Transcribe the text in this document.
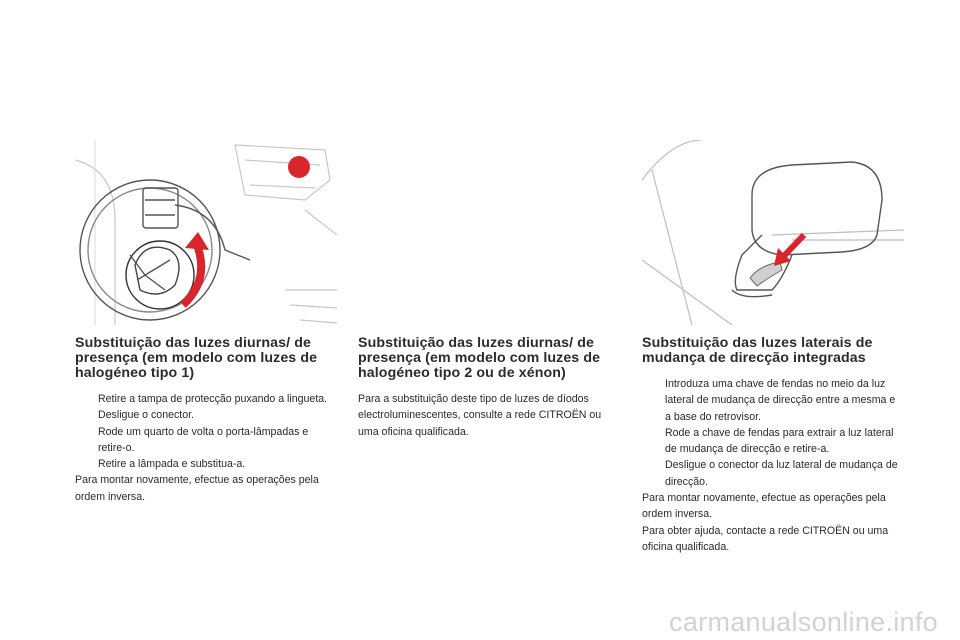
Substituição das luzes diurnas/ de presença (em modelo com luzes de halogéneo tipo 1)
Retire a tampa de protecção puxando a lingueta.
Desligue o conector.
Rode um quarto de volta o porta-lâmpadas e retire-o.
Retire a lâmpada e substitua-a.

Para montar novamente, efectue as operações pela ordem inversa.

Substituição das luzes diurnas/ de presença (em modelo com luzes de halogéneo tipo 2 ou de xénon)

Para a substituição deste tipo de luzes de díodos electroluminescentes, consulte a rede CITROËN ou uma oficina qualificada.

Substituição das luzes laterais de mudança de direcção integradas
Introduza uma chave de fendas no meio da luz lateral de mudança de direcção entre a mesma e a base do retrovisor.
Rode a chave de fendas para extrair a luz lateral de mudança de direcção e retire-a.
Desligue o conector da luz lateral de mudança de direcção.

Para montar novamente, efectue as operações pela ordem inversa.

Para obter ajuda, contacte a rede CITROËN ou uma oficina qualificada.

carmanualsonline.info
